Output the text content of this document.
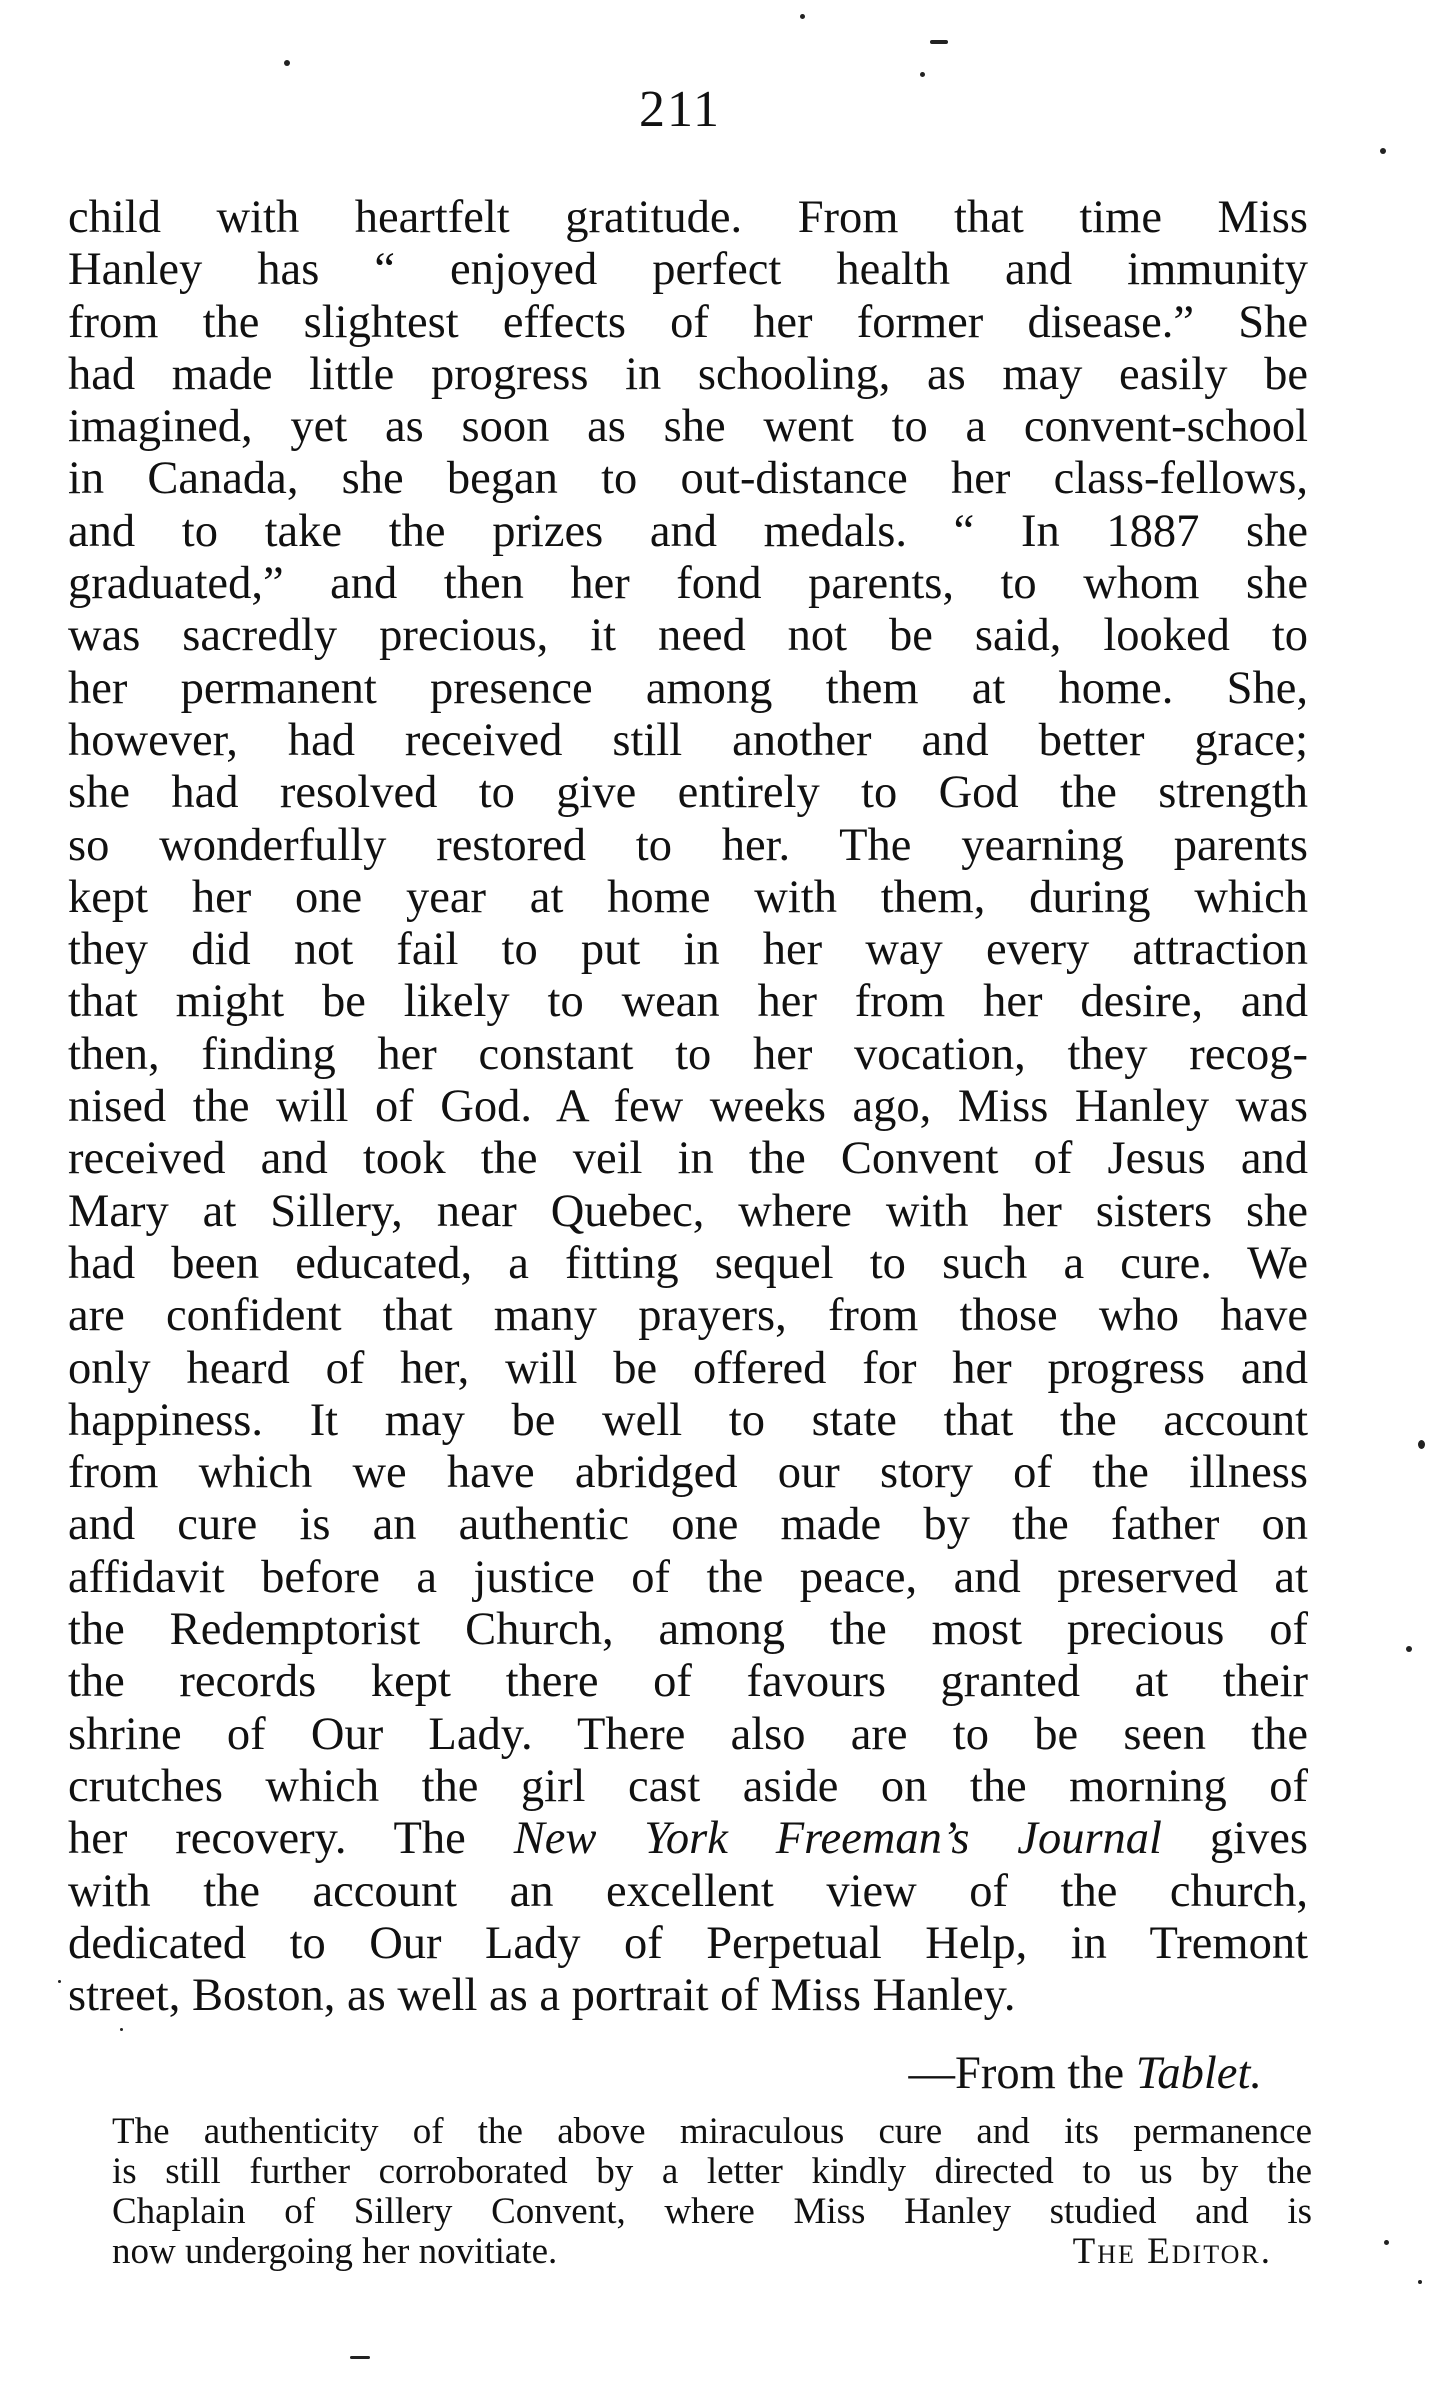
211
child with heartfelt gratitude. From that time Miss
Hanley has “ enjoyed perfect health and immunity
from the slightest effects of her former disease.” She
had made little progress in schooling, as may easily be
imagined, yet as soon as she went to a convent-school
in Canada, she began to out-distance her class-fellows,
and to take the prizes and medals. “ In 1887 she
graduated,” and then her fond parents, to whom she
was sacredly precious, it need not be said, looked to
her permanent presence among them at home. She,
however, had received still another and better grace;
she had resolved to give entirely to God the strength
so wonderfully restored to her. The yearning parents
kept her one year at home with them, during which
they did not fail to put in her way every attraction
that might be likely to wean her from her desire, and
then, finding her constant to her vocation, they recog-
nised the will of God. A few weeks ago, Miss Hanley was
received and took the veil in the Convent of Jesus and
Mary at Sillery, near Quebec, where with her sisters she
had been educated, a fitting sequel to such a cure. We
are confident that many prayers, from those who have
only heard of her, will be offered for her progress and
happiness. It may be well to state that the account
from which we have abridged our story of the illness
and cure is an authentic one made by the father on
affidavit before a justice of the peace, and preserved at
the Redemptorist Church, among the most precious of
the records kept there of favours granted at their
shrine of Our Lady. There also are to be seen the
crutches which the girl cast aside on the morning of
her recovery. The New York Freeman’s Journal gives
with the account an excellent view of the church,
dedicated to Our Lady of Perpetual Help, in Tremont
street, Boston, as well as a portrait of Miss Hanley.
—From the Tablet.
The authenticity of the above miraculous cure and its permanence
is still further corroborated by a letter kindly directed to us by the
Chaplain of Sillery Convent, where Miss Hanley studied and is
now undergoing her novitiate.	The Editor.
